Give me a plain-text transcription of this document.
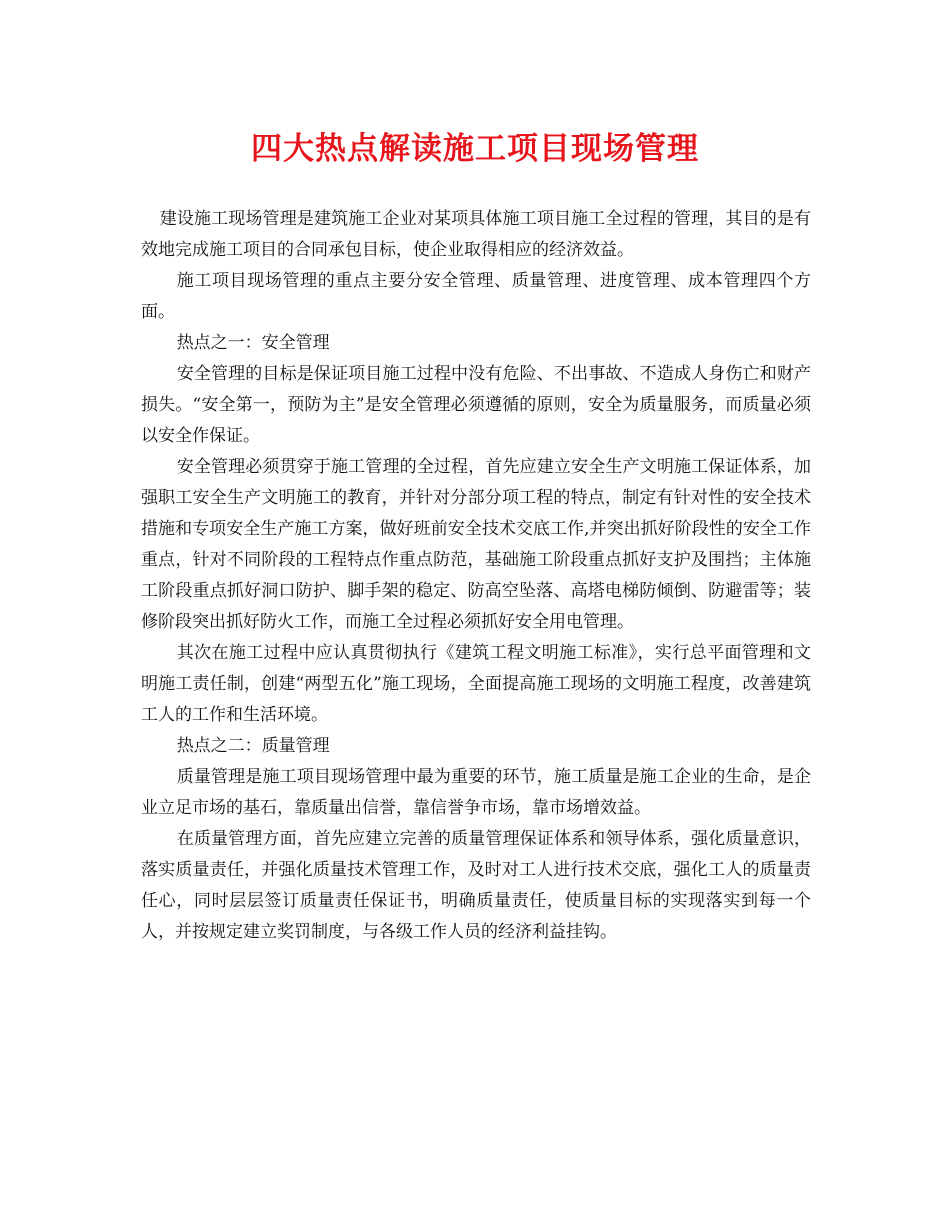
四大热点解读施工项目现场管理

建设施工现场管理是建筑施工企业对某项具体施工项目施工全过程的管理，其目的是有效地完成施工项目的合同承包目标，使企业取得相应的经济效益。

施工项目现场管理的重点主要分安全管理、质量管理、进度管理、成本管理四个方面。

热点之一：安全管理

安全管理的目标是保证项目施工过程中没有危险、不出事故、不造成人身伤亡和财产损失。“安全第一，预防为主”是安全管理必须遵循的原则，安全为质量服务，而质量必须以安全作保证。

安全管理必须贯穿于施工管理的全过程，首先应建立安全生产文明施工保证体系，加强职工安全生产文明施工的教育，并针对分部分项工程的特点，制定有针对性的安全技术措施和专项安全生产施工方案，做好班前安全技术交底工作,并突出抓好阶段性的安全工作重点，针对不同阶段的工程特点作重点防范，基础施工阶段重点抓好支护及围挡；主体施工阶段重点抓好洞口防护、脚手架的稳定、防高空坠落、高塔电梯防倾倒、防避雷等；装修阶段突出抓好防火工作，而施工全过程必须抓好安全用电管理。

其次在施工过程中应认真贯彻执行《建筑工程文明施工标准》，实行总平面管理和文明施工责任制，创建“两型五化”施工现场，全面提高施工现场的文明施工程度，改善建筑工人的工作和生活环境。

热点之二：质量管理

质量管理是施工项目现场管理中最为重要的环节，施工质量是施工企业的生命，是企业立足市场的基石，靠质量出信誉，靠信誉争市场，靠市场增效益。

在质量管理方面，首先应建立完善的质量管理保证体系和领导体系，强化质量意识，落实质量责任，并强化质量技术管理工作，及时对工人进行技术交底，强化工人的质量责任心，同时层层签订质量责任保证书，明确质量责任，使质量目标的实现落实到每一个人，并按规定建立奖罚制度，与各级工作人员的经济利益挂钩。
